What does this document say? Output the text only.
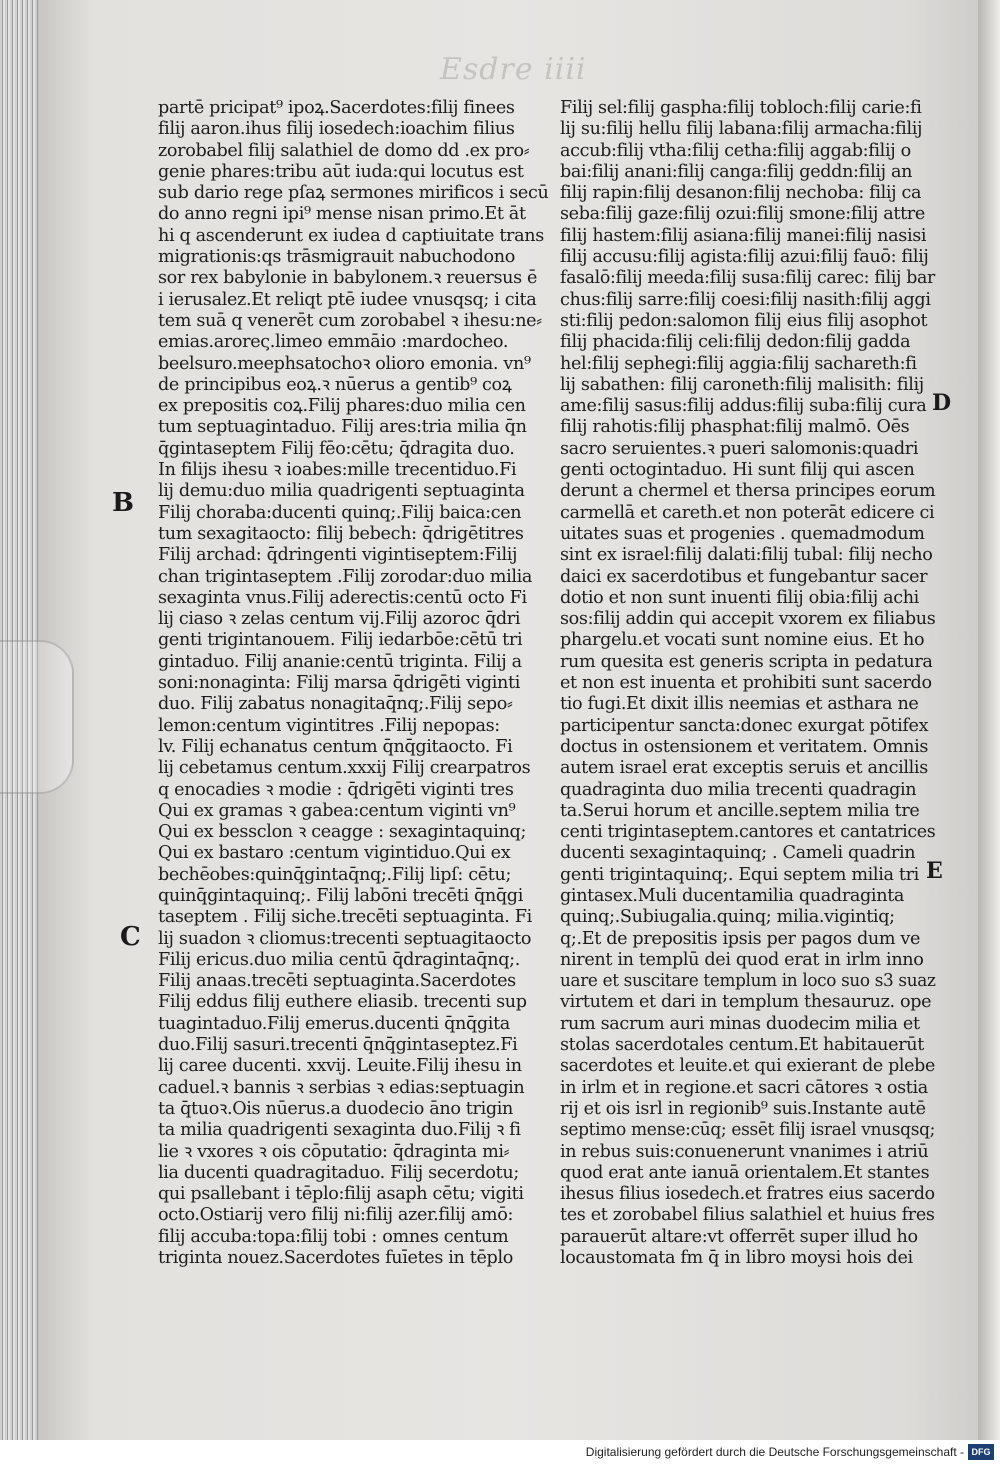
Esdre iiii
partē pricipat⁹ ipoꝝ.Sacerdotes:filij finees
filij aaron.ihus filij iosedech:ioachim filius
zorobabel filij salathiel de domo dd .ex pro⸗
genie phares:tribu aūt iuda:qui locutus est
sub dario rege pſaꝝ sermones mirificos i secū
do anno regni ipi⁹ mense nisan primo.Et āt
hi q ascenderunt ex iudea d captiuitate trans
migrationis:qs trāsmigrauit nabuchodono
sor rex babylonie in babylonem.ꝛ reuersus ē
i ierusalez.Et reliqt ptē iudee vnusqsq; i cita
tem suā q venerēt cum zorobabel ꝛ ihesu:ne⸗
emias.aroreς.limeo emmāio :mardocheo.
beelsuro.meephsatochoꝛ olioro emonia. vn⁹
de principibus eoꝝ.ꝛ nūerus a gentib⁹ coꝝ
ex prepositis coꝝ.Filij phares:duo milia cen
tum septuagintaduo. Filij ares:tria milia q̄n
q̄gintaseptem Filij fēo:cētu; q̄dragita duo.
In filijs ihesu ꝛ ioabes:mille trecentiduo.Fi
lij demu:duo milia quadrigenti septuaginta
Filij choraba:ducenti quinq;.Filij baica:cen
tum sexagitaocto: filij bebech: q̄drigētitres
Filij archad: q̄dringenti vigintiseptem:Filij
chan trigintaseptem .Filij zorodar:duo milia
sexaginta vnus.Filij aderectis:centū octo Fi
lij ciaso ꝛ zelas centum vij.Filij azoroc q̄dri
genti trigintanouem. Filij iedarbōe:cētū tri
gintaduo. Filij ananie:centū triginta. Filij a
soni:nonaginta: Filij marsa q̄drigēti viginti
duo. Filij zabatus nonagitaq̄nq;.Filij sepo⸗
lemon:centum vigintitres .Filij nepopas:
lv. Filij echanatus centum q̄nq̄gitaocto. Fi
lij cebetamus centum.xxxij Filij crearpatros
q enocadies ꝛ modie : q̄drigēti viginti tres
Qui ex gramas ꝛ gabea:centum viginti vn⁹
Qui ex bessclon ꝛ ceagge : sexagintaquinq;
Qui ex bastaro :centum vigintiduo.Qui ex
bechēobes:quinq̄gintaq̄nq;.Filij lipſ: cētu;
quinq̄gintaquinq;. Filij labōni trecēti q̄nq̄gi
taseptem . Filij siche.trecēti septuaginta. Fi
lij suadon ꝛ cliomus:trecenti septuagitaocto
Filij ericus.duo milia centū q̄dragintaq̄nq;.
Filij anaas.trecēti septuaginta.Sacerdotes
Filij eddus filij euthere eliasib. trecenti sup
tuagintaduo.Filij emerus.ducenti q̄nq̄gita
duo.Filij sasuri.trecenti q̄nq̄gintaseptez.Fi
lij caree ducenti. xxvij. Leuite.Filij ihesu in
caduel.ꝛ bannis ꝛ serbias ꝛ edias:septuagin
ta q̄tuoꝛ.Ois nūerus.a duodecio āno trigin
ta milia quadrigenti sexaginta duo.Filij ꝛ fi
lie ꝛ vxores ꝛ ois cōputatio: q̄draginta mi⸗
lia ducenti quadragitaduo. Filij secerdotu;
qui psallebant i tēplo:filij asaph cētu; vigiti
octo.Ostiarij vero filij ni:filij azer.filij amō:
filij accuba:topa:filij tobi : omnes centum
triginta nouez.Sacerdotes fuīetes in tēplo
Filij sel:filij gaspha:filij tobloch:filij carie:fi
lij su:filij hellu filij labana:filij armacha:filij
accub:filij vtha:filij cetha:filij aggab:filij o
bai:filij anani:filij canga:filij geddn:filij an
filij rapin:filij desanon:filij nechoba: filij ca
seba:filij gaze:filij ozui:filij smone:filij attre
filij hastem:filij asiana:filij manei:filij nasisi
filij accusu:filij agista:filij azui:filij fauō: filij
fasalō:filij meeda:filij susa:filij carec: filij bar
chus:filij sarre:filij coesi:filij nasith:filij aggi
sti:filij pedon:salomon filij eius filij asophot
filij phacida:filij celi:filij dedon:filij gadda
hel:filij sephegi:filij aggia:filij sachareth:fi
lij sabathen: filij caroneth:filij malisith: filij
ame:filij sasus:filij addus:filij suba:filij cura
filij rahotis:filij phasphat:filij malmō. Oēs
sacro seruientes.ꝛ pueri salomonis:quadri
genti octogintaduo. Hi sunt filij qui ascen
derunt a chermel et thersa principes eorum
carmellā et careth.et non poterāt edicere ci
uitates suas et progenies . quemadmodum
sint ex israel:filij dalati:filij tubal: filij necho
daici ex sacerdotibus et fungebantur sacer
dotio et non sunt inuenti filij obia:filij achi
sos:filij addin qui accepit vxorem ex filiabus
phargelu.et vocati sunt nomine eius. Et ho
rum quesita est generis scripta in pedatura
et non est inuenta et prohibiti sunt sacerdo
tio fugi.Et dixit illis neemias et asthara ne
participentur sancta:donec exurgat pōtifex
doctus in ostensionem et veritatem. Omnis
autem israel erat exceptis seruis et ancillis
quadraginta duo milia trecenti quadragin
ta.Serui horum et ancille.septem milia tre
centi trigintaseptem.cantores et cantatrices
ducenti sexagintaquinq; . Cameli quadrin
genti trigintaquinq;. Equi septem milia tri
gintasex.Muli ducentamilia quadraginta
quinq;.Subiugalia.quinq; milia.vigintiq;
q;.Et de prepositis ipsis per pagos dum ve
nirent in templū dei quod erat in irlm inno
uare et suscitare templum in loco suo s3 suaz
virtutem et dari in templum thesauruz. ope
rum sacrum auri minas duodecim milia et
stolas sacerdotales centum.Et habitauerūt
sacerdotes et leuite.et qui exierant de plebe
in irlm et in regione.et sacri cātores ꝛ ostia
rij et ois isrl in regionib⁹ suis.Instante autē
septimo mense:cūq; essēt filij israel vnusqsq;
in rebus suis:conuenerunt vnanimes i atriū
quod erat ante ianuā orientalem.Et stantes
ihesus filius iosedech.et fratres eius sacerdo
tes et zorobabel filius salathiel et huius fres
parauerūt altare:vt offerrēt super illud ho
locaustomata fm q̄ in libro moysi hois dei
B
C
D
E
Digitalisierung gefördert durch die Deutsche Forschungsgemeinschaft - DFG
